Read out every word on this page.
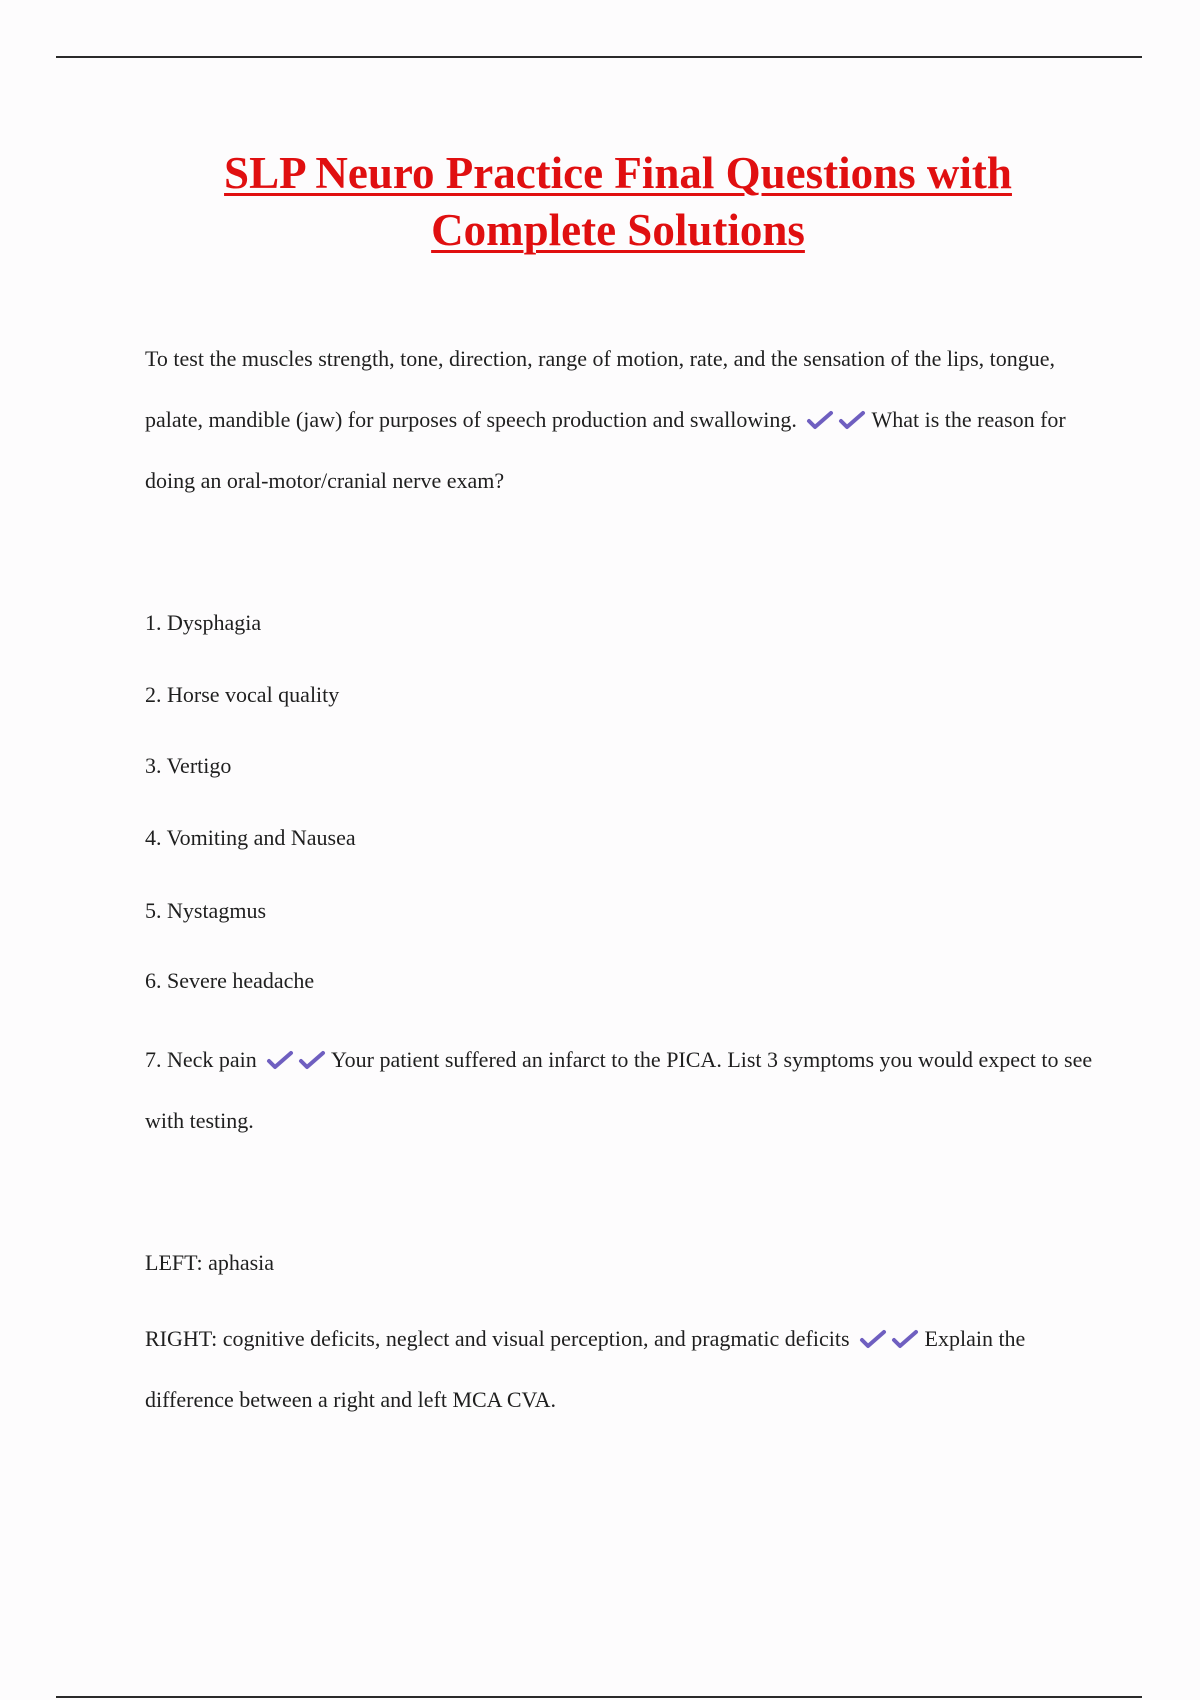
SLP Neuro Practice Final Questions with
Complete Solutions

To test the muscles strength, tone, direction, range of motion, rate, and the sensation of the lips, tongue, palate, mandible (jaw) for purposes of speech production and swallowing.	What is the reason for doing an oral-motor/cranial nerve exam?

1. Dysphagia

2. Horse vocal quality

3. Vertigo

4. Vomiting and Nausea

5. Nystagmus

6. Severe headache

7. Neck pain	Your patient suffered an infarct to the PICA. List 3 symptoms you would expect to see with testing.

LEFT: aphasia

RIGHT: cognitive deficits, neglect and visual perception, and pragmatic deficits	Explain the difference between a right and left MCA CVA.
